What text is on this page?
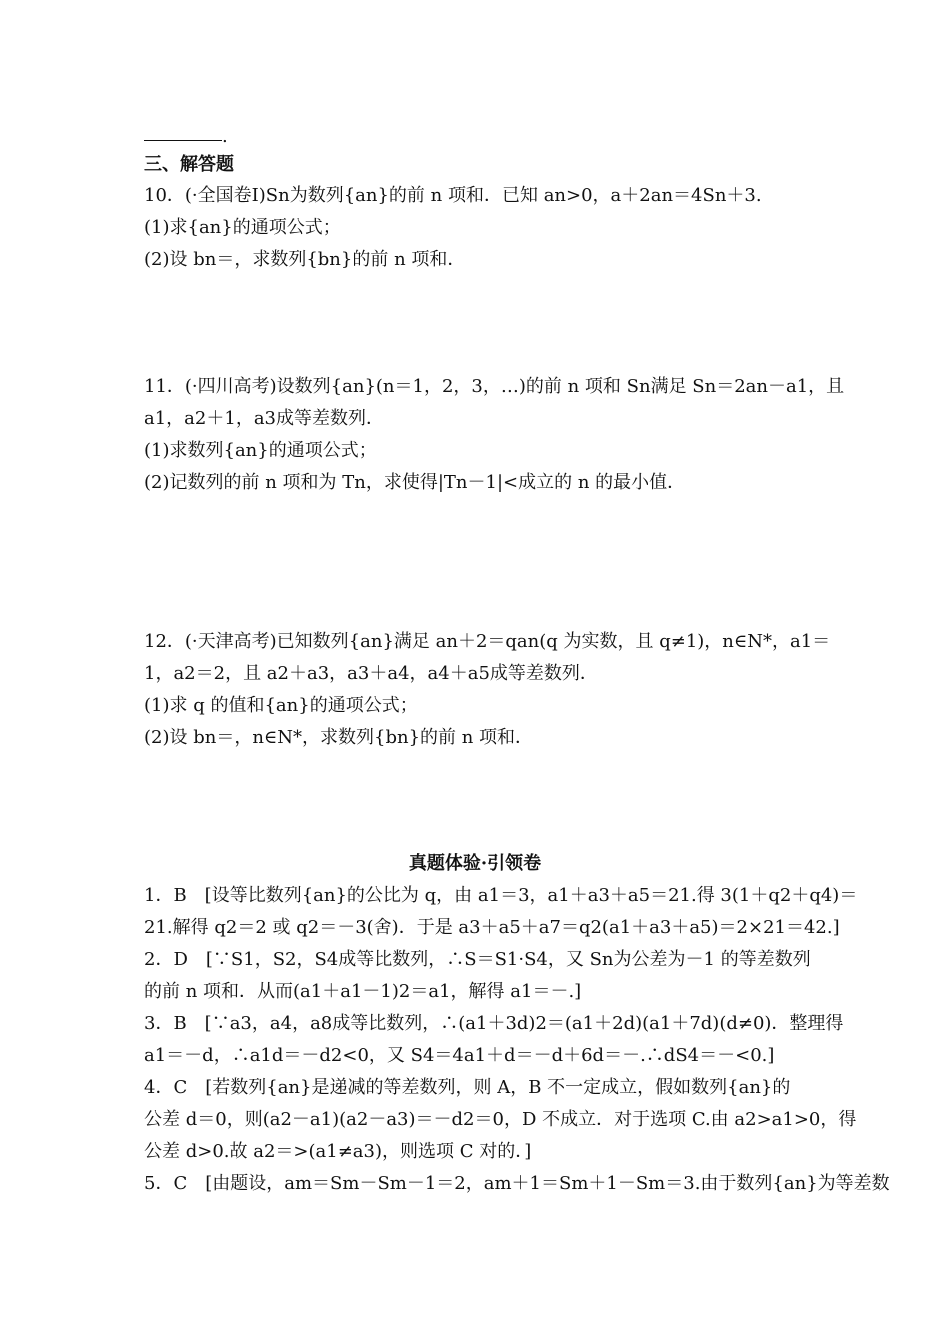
.
三、解答题
10．(·全国卷Ⅰ)Sn为数列{an}的前 n 项和．已知 an>0，a＋2an＝4Sn＋3.
(1)求{an}的通项公式；
(2)设 bn＝，求数列{bn}的前 n 项和．
11．(·四川高考)设数列{an}(n＝1，2，3，…)的前 n 项和 Sn满足 Sn＝2an－a1，且
a1，a2＋1，a3成等差数列．
(1)求数列{an}的通项公式；
(2)记数列的前 n 项和为 Tn，求使得|Tn－1|<成立的 n 的最小值．
12．(·天津高考)已知数列{an}满足 an＋2＝qan(q 为实数，且 q≠1)，n∈N*，a1＝
1，a2＝2，且 a2＋a3，a3＋a4，a4＋a5成等差数列．
(1)求 q 的值和{an}的通项公式；
(2)设 bn＝，n∈N*，求数列{bn}的前 n 项和．
真题体验·引领卷
1．B　[设等比数列{an}的公比为 q，由 a1＝3，a1＋a3＋a5＝21.得 3(1＋q2＋q4)＝
21.解得 q2＝2 或 q2＝－3(舍)．于是 a3＋a5＋a7＝q2(a1＋a3＋a5)＝2×21＝42.]
2．D　[∵S1，S2，S4成等比数列，∴S＝S1·S4，又 Sn为公差为－1 的等差数列
的前 n 项和．从而(a1＋a1－1)2＝a1，解得 a1＝－.]
3．B　[∵a3，a4，a8成等比数列，∴(a1＋3d)2＝(a1＋2d)(a1＋7d)(d≠0)．整理得
a1＝－d，∴a1d＝－d2<0，又 S4＝4a1＋d＝－d＋6d＝－.∴dS4＝－<0.]
4．C　[若数列{an}是递减的等差数列，则 A，B 不一定成立，假如数列{an}的
公差 d＝0，则(a2－a1)(a2－a3)＝－d2＝0，D 不成立．对于选项 C.由 a2>a1>0，得
公差 d>0.故 a2＝>(a1≠a3)，则选项 C 对的．]
5．C　[由题设，am＝Sm－Sm－1＝2，am＋1＝Sm＋1－Sm＝3.由于数列{an}为等差数
